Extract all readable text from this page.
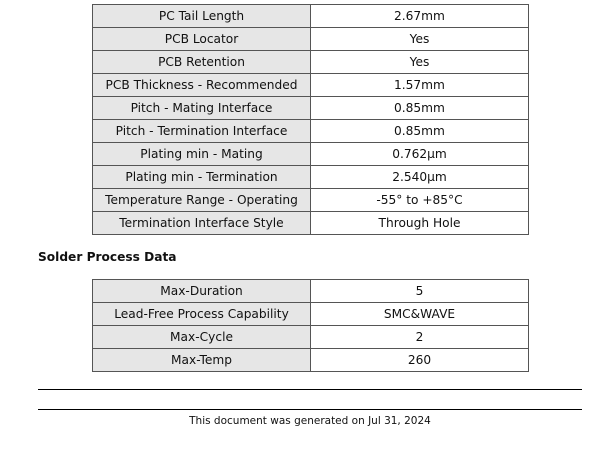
PC Tail Length	2.67mm
PCB Locator	Yes
PCB Retention	Yes
PCB Thickness - Recommended	1.57mm
Pitch - Mating Interface	0.85mm
Pitch - Termination Interface	0.85mm
Plating min - Mating	0.762µm
Plating min - Termination	2.540µm
Temperature Range - Operating	-55° to +85°C
Termination Interface Style	Through Hole
Solder Process Data
Max-Duration	5
Lead-Free Process Capability	SMC&WAVE
Max-Cycle	2
Max-Temp	260
This document was generated on Jul 31, 2024
